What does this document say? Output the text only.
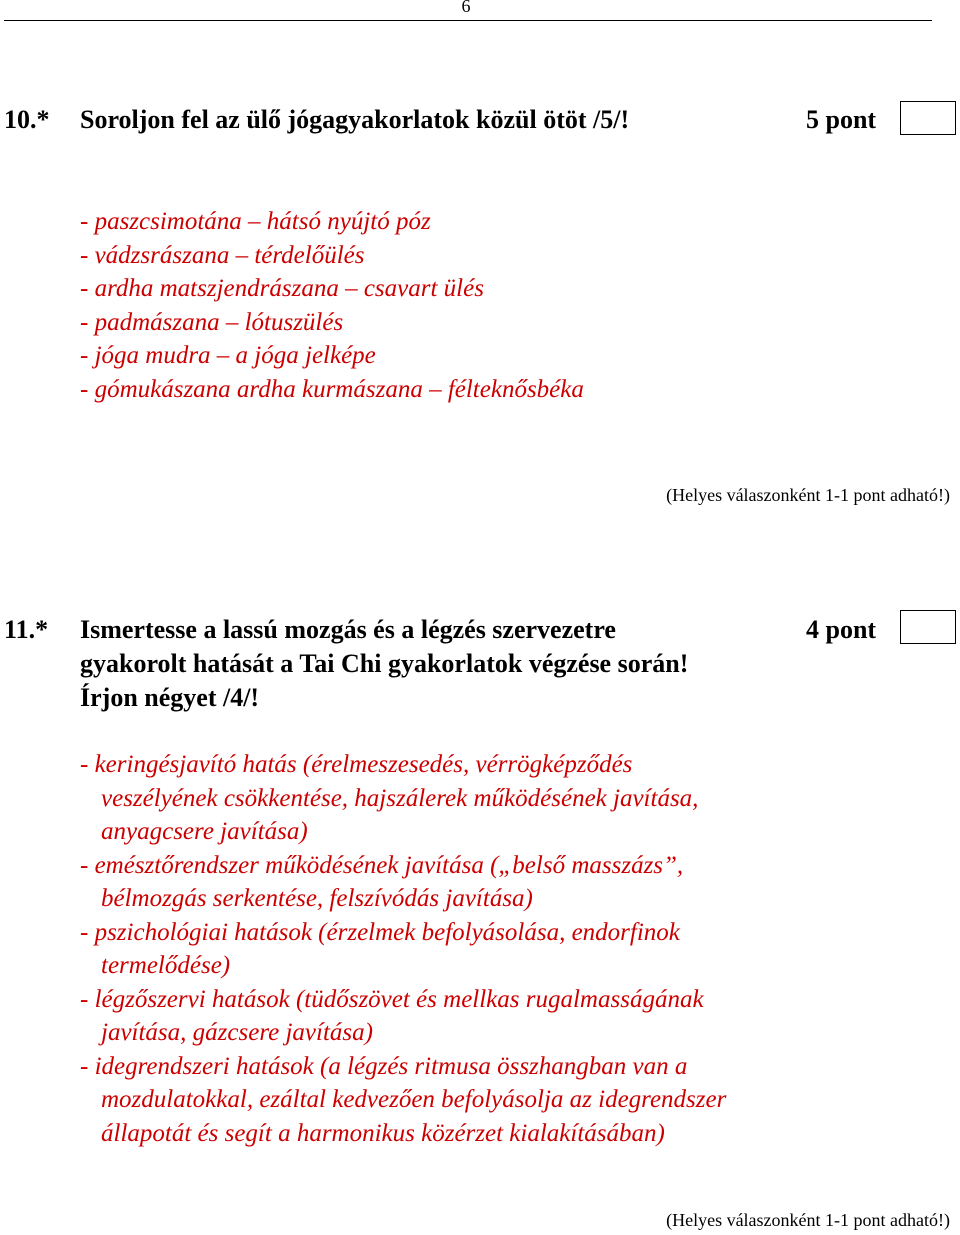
6
10.* Soroljon fel az ülő jógagyakorlatok közül ötöt /5/!	5 pont
- paszcsimotána – hátsó nyújtó póz
- vádzsrászana – térdelőülés
- ardha matszjendrászana – csavart ülés
- padmászana – lótuszülés
- jóga mudra – a jóga jelképe
- gómukászana ardha kurmászana – félteknősbéka
(Helyes válaszonként 1-1 pont adható!)
11.* Ismertesse a lassú mozgás és a légzés szervezetre
gyakorolt hatását a Tai Chi gyakorlatok végzése során!
Írjon négyet /4/!
4 pont
- keringésjavító hatás (érelmeszesedés, vérrögképződés
veszélyének csökkentése, hajszálerek működésének javítása,
anyagcsere javítása)
- emésztőrendszer működésének javítása („belső masszázs”,
bélmozgás serkentése, felszívódás javítása)
- pszichológiai hatások (érzelmek befolyásolása, endorfinok
termelődése)
- légzőszervi hatások (tüdőszövet és mellkas rugalmasságának
javítása, gázcsere javítása)
- idegrendszeri hatások (a légzés ritmusa összhangban van a
mozdulatokkal, ezáltal kedvezően befolyásolja az idegrendszer
állapotát és segít a harmonikus közérzet kialakításában)
(Helyes válaszonként 1-1 pont adható!)
